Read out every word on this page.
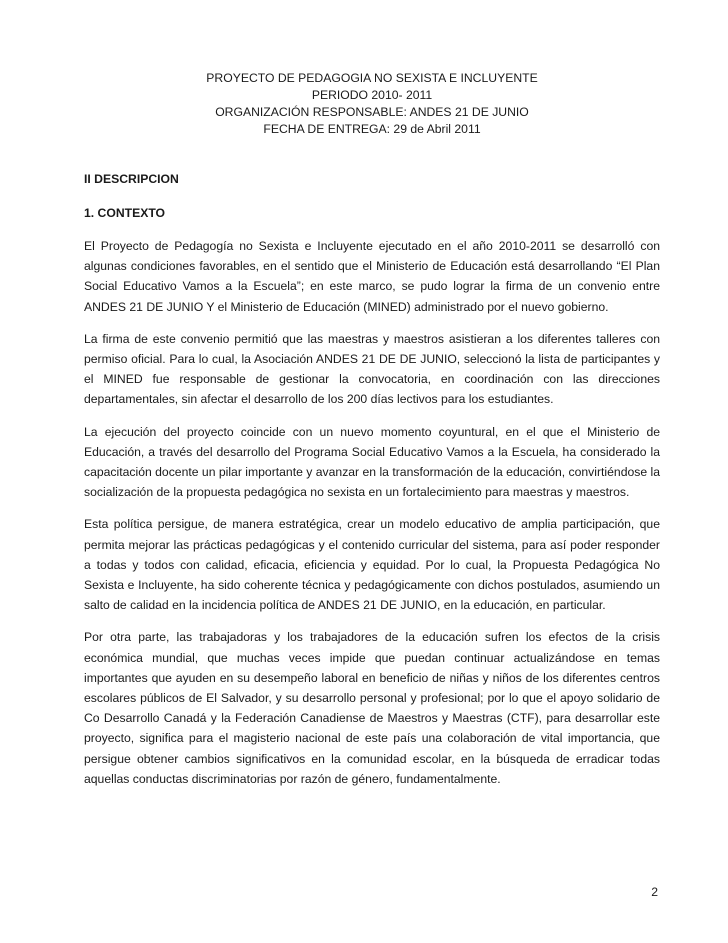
PROYECTO DE PEDAGOGIA NO SEXISTA E INCLUYENTE
PERIODO 2010- 2011
ORGANIZACIÓN RESPONSABLE: ANDES 21 DE JUNIO
FECHA DE ENTREGA: 29 de Abril 2011
II DESCRIPCION
1. CONTEXTO

El Proyecto de Pedagogía no Sexista e Incluyente ejecutado en el año 2010-2011 se desarrolló con algunas condiciones favorables, en el sentido que el Ministerio de Educación está desarrollando “El Plan Social Educativo Vamos a la Escuela”; en este marco, se pudo lograr la firma de un convenio entre ANDES 21 DE JUNIO Y el Ministerio de Educación (MINED) administrado por el nuevo gobierno.

La firma de este convenio permitió que las maestras y maestros asistieran a los diferentes talleres con permiso oficial. Para lo cual, la Asociación ANDES 21 DE DE JUNIO, seleccionó la lista de participantes y el MINED fue responsable de gestionar la convocatoria, en coordinación con las direcciones departamentales, sin afectar el desarrollo de los 200 días lectivos para los estudiantes.

La ejecución del proyecto coincide con un nuevo momento coyuntural, en el que el Ministerio de Educación, a través del desarrollo del Programa Social Educativo Vamos a la Escuela, ha considerado la capacitación docente un pilar importante y avanzar en la transformación de la educación, convirtiéndose la socialización de la propuesta pedagógica no sexista en un fortalecimiento para maestras y maestros.

Esta política persigue, de manera estratégica, crear un modelo educativo de amplia participación, que permita mejorar las prácticas pedagógicas y el contenido curricular del sistema, para así poder responder a todas y todos con calidad, eficacia, eficiencia y equidad. Por lo cual, la Propuesta Pedagógica No Sexista e Incluyente, ha sido coherente técnica y pedagógicamente con dichos postulados, asumiendo un salto de calidad en la incidencia política de ANDES 21 DE JUNIO, en la educación, en particular.

Por otra parte, las trabajadoras y los trabajadores de la educación sufren los efectos de la crisis económica mundial, que muchas veces impide que puedan continuar actualizándose en temas importantes que ayuden en su desempeño laboral en beneficio de niñas y niños de los diferentes centros escolares públicos de El Salvador, y su desarrollo personal y profesional; por lo que el apoyo solidario de Co Desarrollo Canadá y la Federación Canadiense de Maestros y Maestras (CTF), para desarrollar este proyecto, significa para el magisterio nacional de este país una colaboración de vital importancia, que persigue obtener cambios significativos en la comunidad escolar, en la búsqueda de erradicar todas aquellas conductas discriminatorias por razón de género, fundamentalmente.

2
